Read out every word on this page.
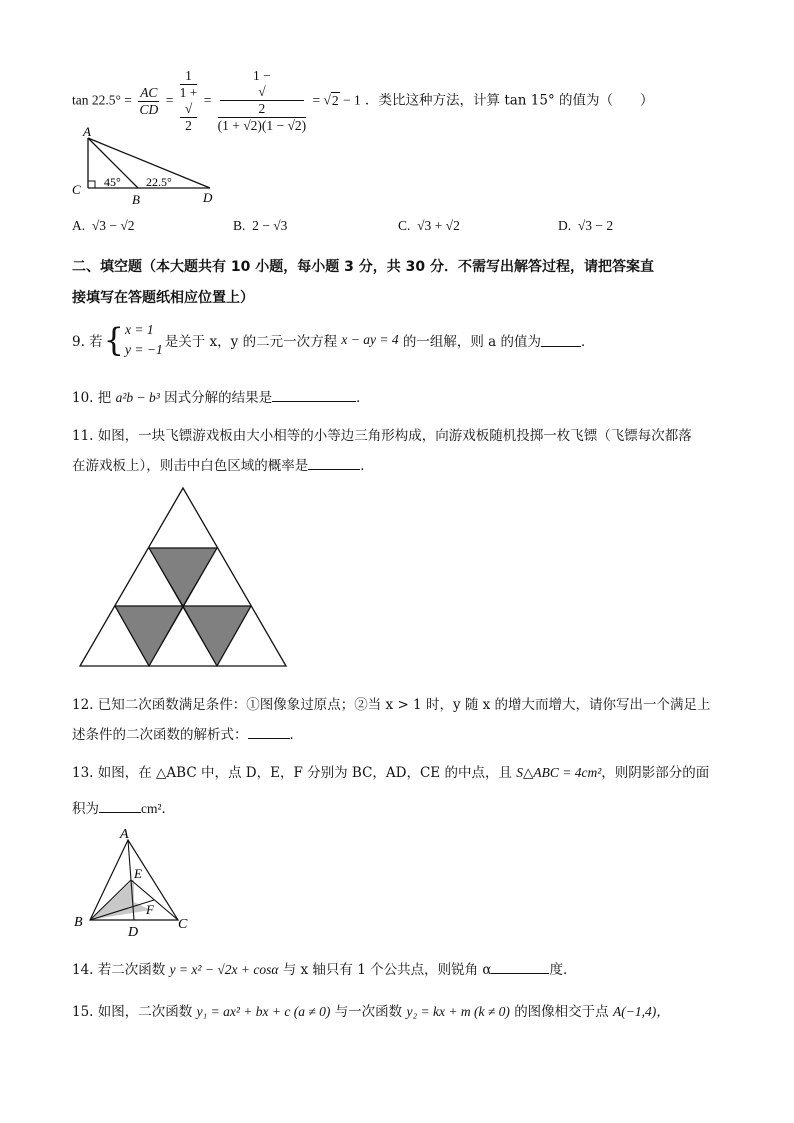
$\tan 22.5^\circ = \frac{AC}{CD} = 1$
1 +
√
2 = 1 −
√
2
(1 + √2)(1 − √2) = √2 − 1 ．类比这种方法，计算 tan 15° 的值为（　　）
A
C
B	D
45° 22.5°
A. √3 − √2	B. 2 − √3	C. √3 + √2	D. √3 − 2
二、填空题（本大题共有 10 小题，每小题 3 分，共 30 分．不需写出解答过程，请把答案直
接填写在答题纸相应位置上）
9. 若 { x = 1
y = −1 是关于 x，y 的二元一次方程
x − ay = 4
的一组解，则 a 的值为	．
10. 把 a²b − b³ 因式分解的结果是	．
11. 如图，一块飞镖游戏板由大小相等的小等边三角形构成，向游戏板随机投掷一枚飞镖（飞镖每次都落
在游戏板上），则击中白色区域的概率是	．
12. 已知二次函数满足条件：①图像象过原点；②当 x > 1 时，y 随 x 的增大而增大，请你写出一个满足上
述条件的二次函数的解析式：	．
13. 如图，在 △ABC 中，点 D，E，F 分别为 BC，AD，CE 的中点，且 S△ABC = 4cm²，则阴影部分的面
积为	cm²．
A
E
F
B
D
C
14. 若二次函数 y = x² − √2x + cosα 与 x 轴只有 1 个公共点，则锐角 α	度．
15. 如图，二次函数 y₁ = ax² + bx + c (a ≠ 0) 与一次函数 y₂ = kx + m (k ≠ 0) 的图像相交于点 A(−1,4)，
